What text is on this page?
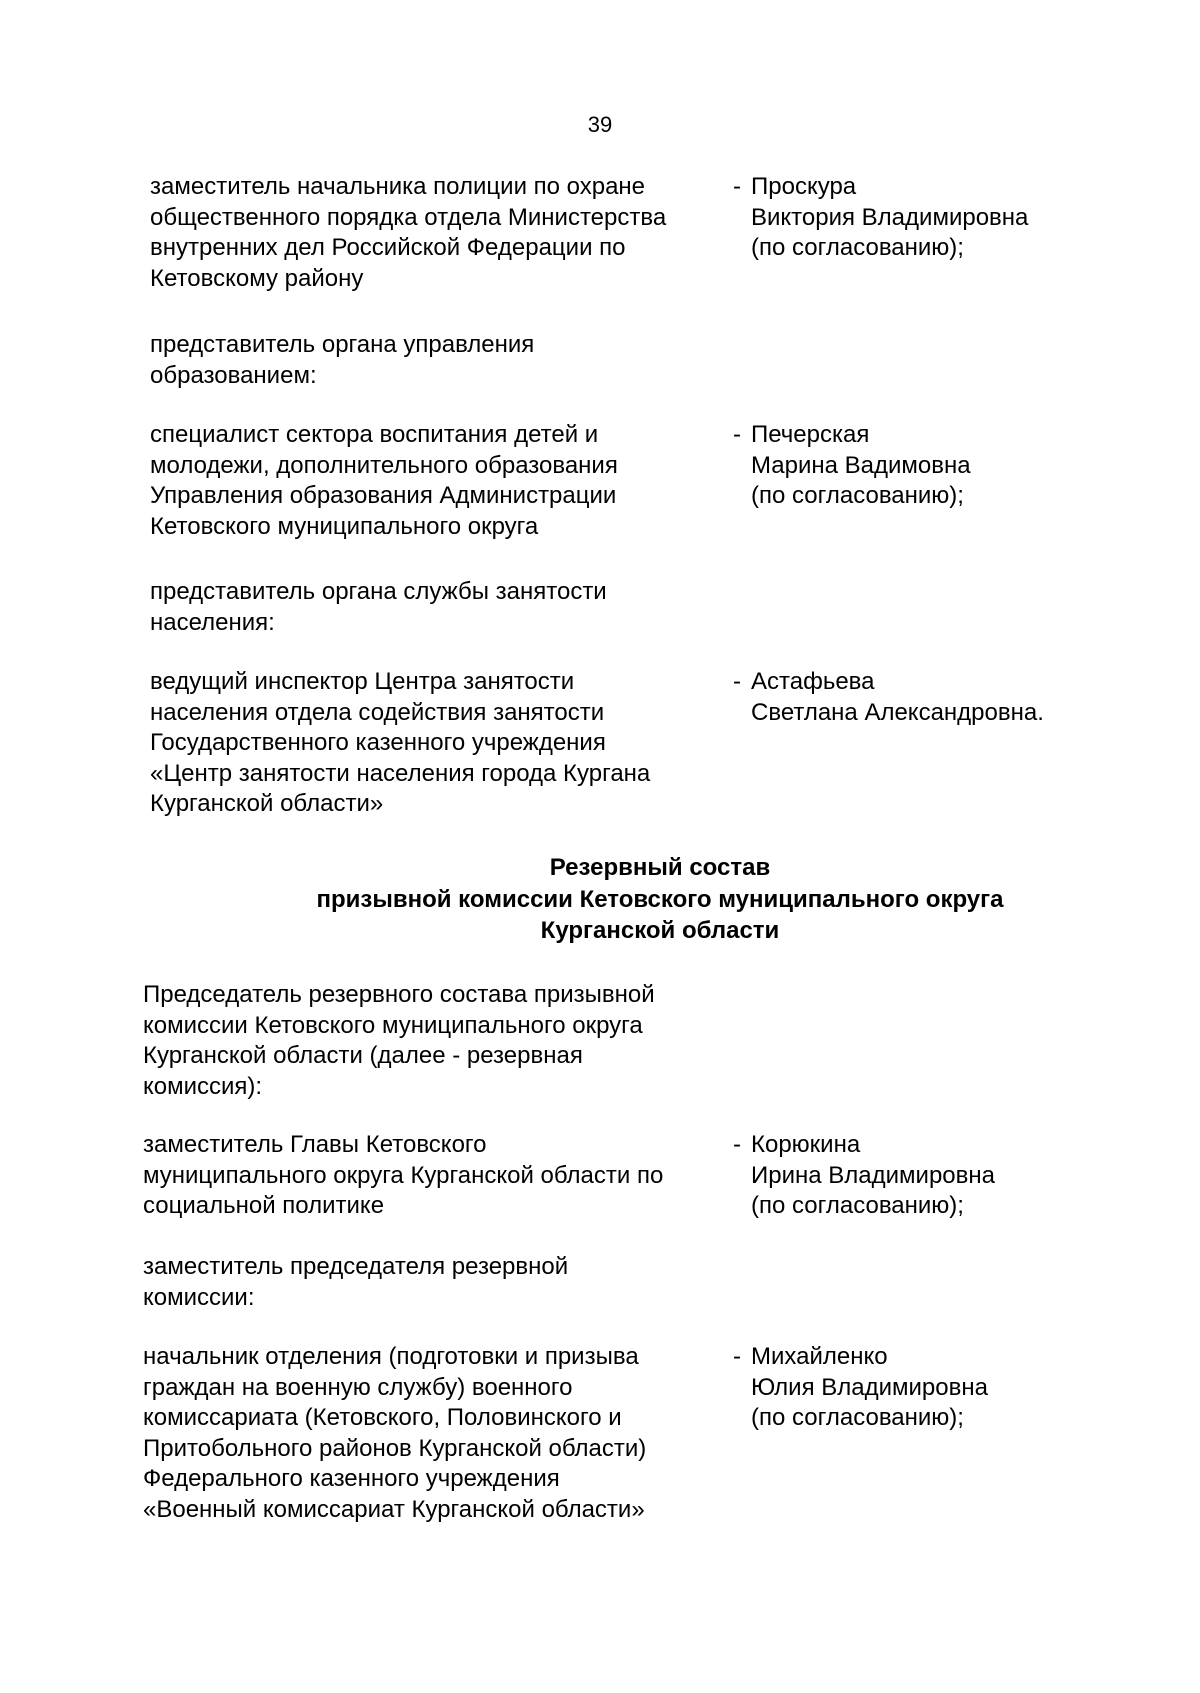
39
заместитель начальника полиции по охране
общественного порядка отдела Министерства
внутренних дел Российской Федерации по
Кетовскому району
- Проскура
Виктория Владимировна
(по согласованию);
представитель органа управления
образованием:
специалист сектора воспитания детей и
молодежи, дополнительного образования
Управления образования Администрации
Кетовского муниципального округа
- Печерская
Марина Вадимовна
(по согласованию);
представитель органа службы занятости
населения:
ведущий инспектор Центра занятости
населения отдела содействия занятости
Государственного казенного учреждения
«Центр занятости населения города Кургана
Курганской области»
- Астафьева
Светлана Александровна.
Резервный состав
призывной комиссии Кетовского муниципального округа
Курганской области
Председатель резервного состава призывной
комиссии Кетовского муниципального округа
Курганской области (далее - резервная
комиссия):
заместитель Главы Кетовского
муниципального округа Курганской области по
социальной политике
- Корюкина
Ирина Владимировна
(по согласованию);
заместитель председателя резервной
комиссии:
начальник отделения (подготовки и призыва
граждан на военную службу) военного
комиссариата (Кетовского, Половинского и
Притобольного районов Курганской области)
Федерального казенного учреждения
«Военный комиссариат Курганской области»
- Михайленко
Юлия Владимировна
(по согласованию);
